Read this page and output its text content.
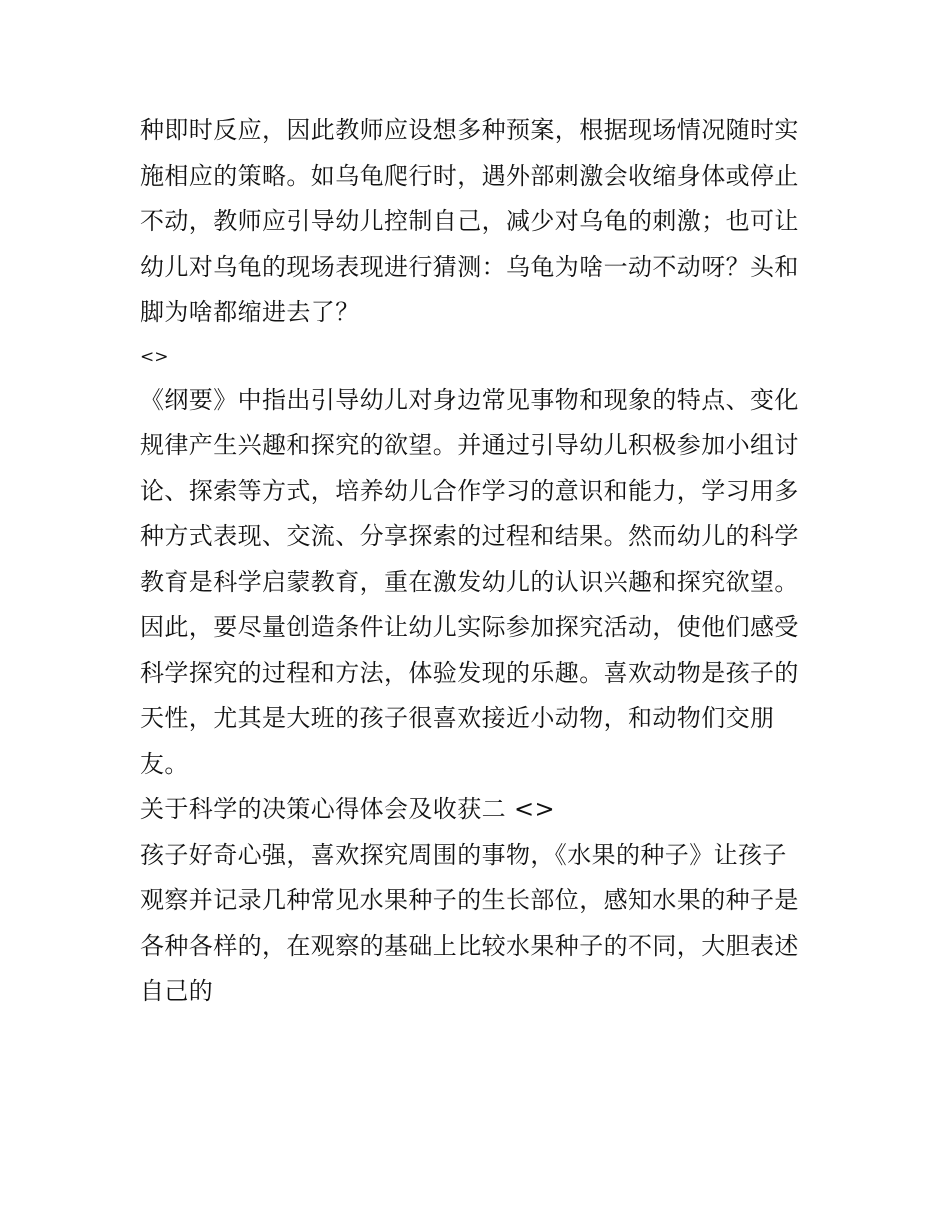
种即时反应，因此教师应设想多种预案，根据现场情况随时实
施相应的策略。如乌龟爬行时，遇外部刺激会收缩身体或停止
不动，教师应引导幼儿控制自己，减少对乌龟的刺激；也可让
幼儿对乌龟的现场表现进行猜测：乌龟为啥一动不动呀？头和
脚为啥都缩进去了？
<>
《纲要》中指出引导幼儿对身边常见事物和现象的特点、变化
规律产生兴趣和探究的欲望。并通过引导幼儿积极参加小组讨
论、探索等方式，培养幼儿合作学习的意识和能力，学习用多
种方式表现、交流、分享探索的过程和结果。然而幼儿的科学
教育是科学启蒙教育，重在激发幼儿的认识兴趣和探究欲望。
因此，要尽量创造条件让幼儿实际参加探究活动，使他们感受
科学探究的过程和方法，体验发现的乐趣。喜欢动物是孩子的
天性，尤其是大班的孩子很喜欢接近小动物，和动物们交朋
友。
关于科学的决策心得体会及收获二 <>
孩子好奇心强，喜欢探究周围的事物，《水果的种子》让孩子
观察并记录几种常见水果种子的生长部位，感知水果的种子是
各种各样的，在观察的基础上比较水果种子的不同，大胆表述
自己的
